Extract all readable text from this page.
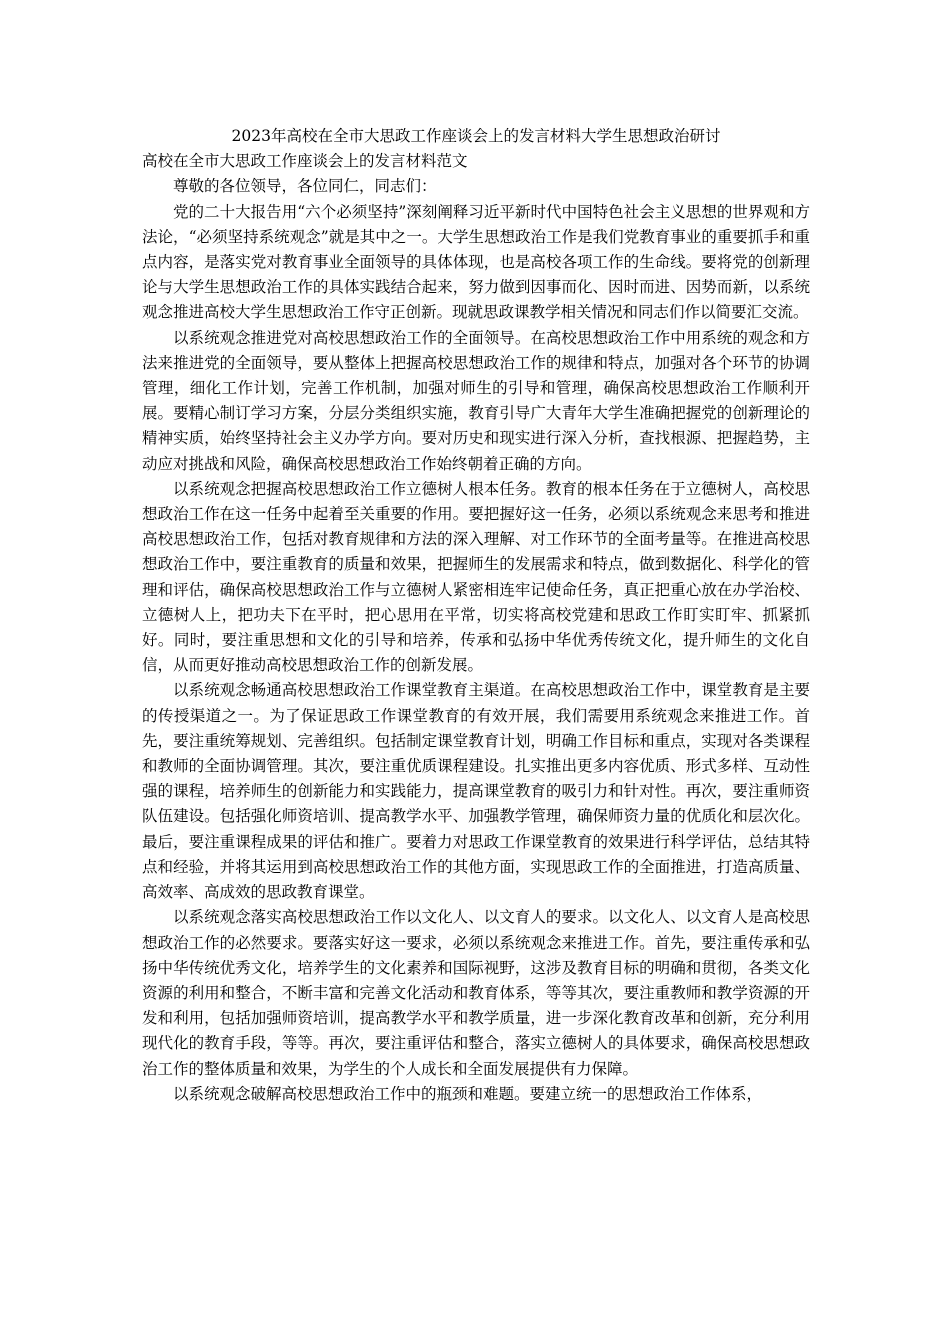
2023年高校在全市大思政工作座谈会上的发言材料大学生思想政治研讨
高校在全市大思政工作座谈会上的发言材料范文

尊敬的各位领导，各位同仁，同志们：

党的二十大报告用“六个必须坚持”深刻阐释习近平新时代中国特色社会主义思想的世界观和方法论，“必须坚持系统观念”就是其中之一。大学生思想政治工作是我们党教育事业的重要抓手和重点内容，是落实党对教育事业全面领导的具体体现，也是高校各项工作的生命线。要将党的创新理论与大学生思想政治工作的具体实践结合起来，努力做到因事而化、因时而进、因势而新，以系统观念推进高校大学生思想政治工作守正创新。现就思政课教学相关情况和同志们作以简要汇交流。

以系统观念推进党对高校思想政治工作的全面领导。在高校思想政治工作中用系统的观念和方法来推进党的全面领导，要从整体上把握高校思想政治工作的规律和特点，加强对各个环节的协调管理，细化工作计划，完善工作机制，加强对师生的引导和管理，确保高校思想政治工作顺利开展。要精心制订学习方案，分层分类组织实施，教育引导广大青年大学生准确把握党的创新理论的精神实质，始终坚持社会主义办学方向。要对历史和现实进行深入分析，查找根源、把握趋势，主动应对挑战和风险，确保高校思想政治工作始终朝着正确的方向。

以系统观念把握高校思想政治工作立德树人根本任务。教育的根本任务在于立德树人，高校思想政治工作在这一任务中起着至关重要的作用。要把握好这一任务，必须以系统观念来思考和推进高校思想政治工作，包括对教育规律和方法的深入理解、对工作环节的全面考量等。在推进高校思想政治工作中，要注重教育的质量和效果，把握师生的发展需求和特点，做到数据化、科学化的管理和评估，确保高校思想政治工作与立德树人紧密相连牢记使命任务，真正把重心放在办学治校、立德树人上，把功夫下在平时，把心思用在平常，切实将高校党建和思政工作盯实盯牢、抓紧抓好。同时，要注重思想和文化的引导和培养，传承和弘扬中华优秀传统文化，提升师生的文化自信，从而更好推动高校思想政治工作的创新发展。

以系统观念畅通高校思想政治工作课堂教育主渠道。在高校思想政治工作中，课堂教育是主要的传授渠道之一。为了保证思政工作课堂教育的有效开展，我们需要用系统观念来推进工作。首先，要注重统筹规划、完善组织。包括制定课堂教育计划，明确工作目标和重点，实现对各类课程和教师的全面协调管理。其次，要注重优质课程建设。扎实推出更多内容优质、形式多样、互动性强的课程，培养师生的创新能力和实践能力，提高课堂教育的吸引力和针对性。再次，要注重师资队伍建设。包括强化师资培训、提高教学水平、加强教学管理，确保师资力量的优质化和层次化。最后，要注重课程成果的评估和推广。要着力对思政工作课堂教育的效果进行科学评估，总结其特点和经验，并将其运用到高校思想政治工作的其他方面，实现思政工作的全面推进，打造高质量、高效率、高成效的思政教育课堂。

以系统观念落实高校思想政治工作以文化人、以文育人的要求。以文化人、以文育人是高校思想政治工作的必然要求。要落实好这一要求，必须以系统观念来推进工作。首先，要注重传承和弘扬中华传统优秀文化，培养学生的文化素养和国际视野，这涉及教育目标的明确和贯彻，各类文化资源的利用和整合，不断丰富和完善文化活动和教育体系，等等其次，要注重教师和教学资源的开发和利用，包括加强师资培训，提高教学水平和教学质量，进一步深化教育改革和创新，充分利用现代化的教育手段，等等。再次，要注重评估和整合，落实立德树人的具体要求，确保高校思想政治工作的整体质量和效果，为学生的个人成长和全面发展提供有力保障。

以系统观念破解高校思想政治工作中的瓶颈和难题。要建立统一的思想政治工作体系，
